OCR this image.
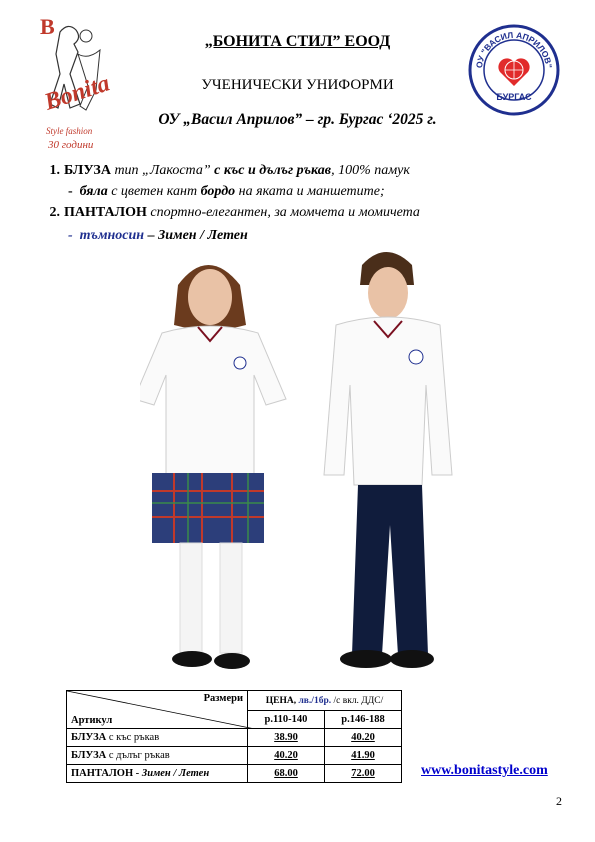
B
Bonita
Style fashion
30 години
ОУ "ВАСИЛ АПРИЛОВ"
БУРГАС
„БОНИТА СТИЛ” ЕООД
УЧЕНИЧЕСКИ УНИФОРМИ
ОУ „Васил Априлов” – гр. Бургас ‘2025 г.
1. БЛУЗА тип „Лакоста” с къс и дълъг ръкав, 100% памук
- бяла с цветен кант бордо на яката и маншетите;
2. ПАНТАЛОН спортно-елегантен, за момчета и момичета
- тъмносин – Зимен / Летен
Размери
Артикул	ЦЕНА, лв./1бр. /с вкл. ДДС/	
	р.110-140	р.146-188
БЛУЗА с къс ръкав	38.90	40.20
БЛУЗА с дълъг ръкав	40.20	41.90
ПАНТАЛОН - Зимен / Летен	68.00	72.00	www.bonitastyle.com
2
